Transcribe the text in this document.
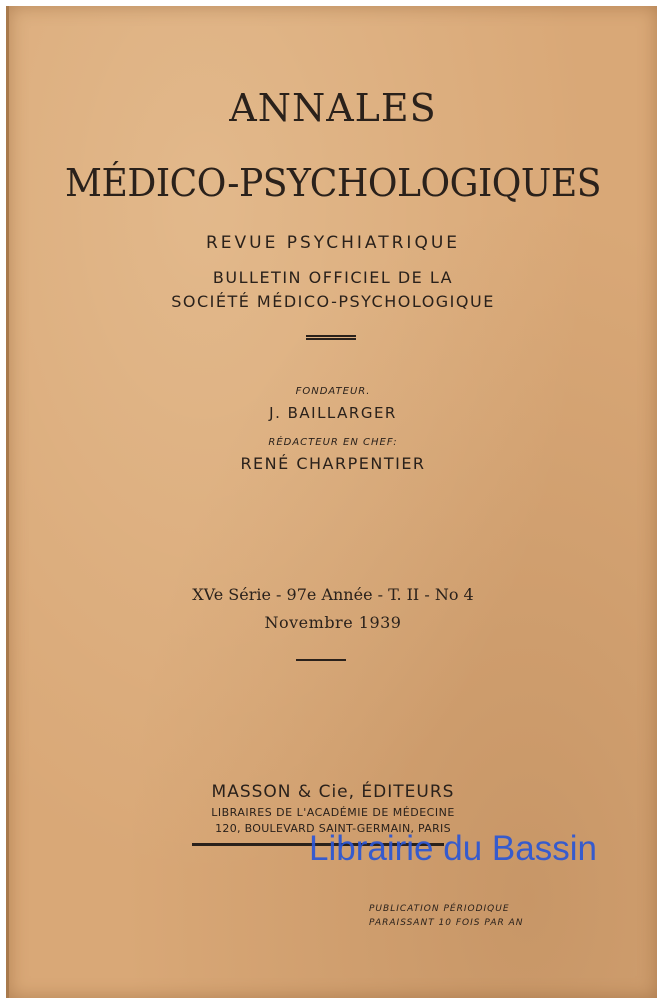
ANNALES
MÉDICO-PSYCHOLOGIQUES
REVUE PSYCHIATRIQUE
BULLETIN OFFICIEL DE LA
SOCIÉTÉ MÉDICO-PSYCHOLOGIQUE
FONDATEUR.
J. BAILLARGER
RÉDACTEUR EN CHEF:
RENÉ CHARPENTIER
XVe Série - 97e Année - T. II - No 4
Novembre 1939
MASSON & Cie, ÉDITEURS
LIBRAIRES DE L'ACADÉMIE DE MÉDECINE
120, BOULEVARD SAINT-GERMAIN, PARIS
PUBLICATION PÉRIODIQUE
PARAISSANT 10 FOIS PAR AN
Librairie du Bassin
